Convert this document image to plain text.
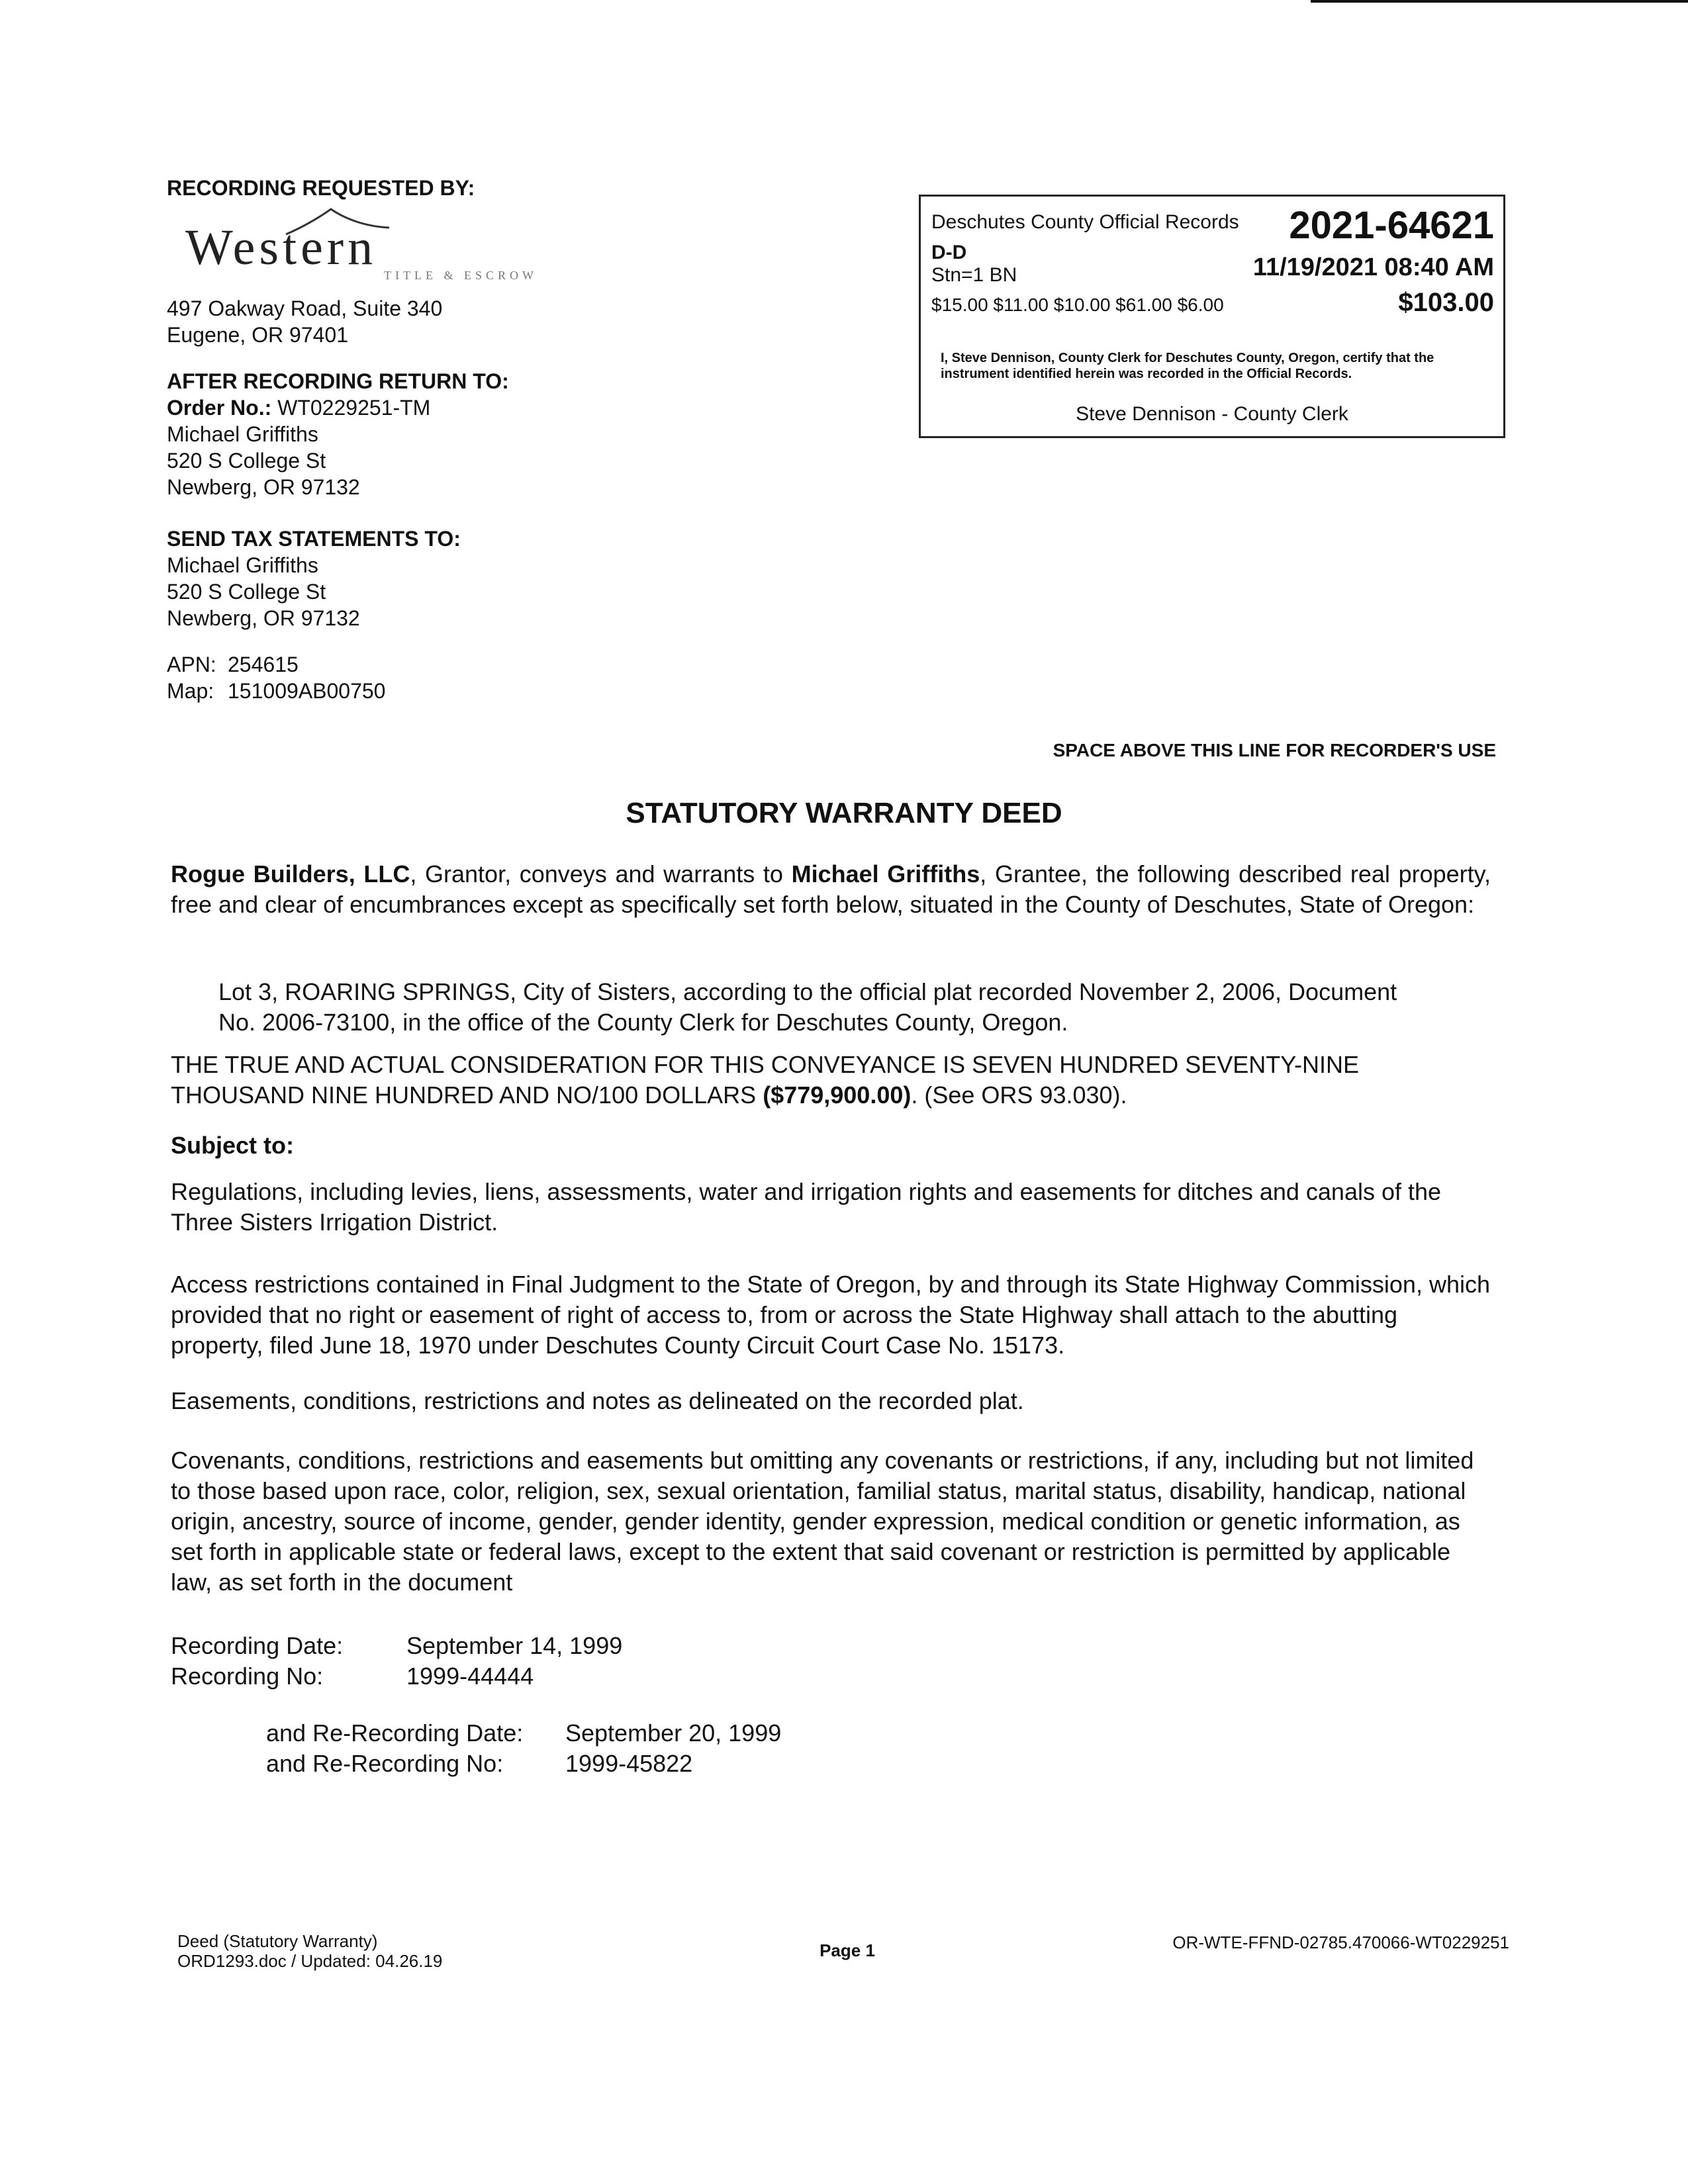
RECORDING REQUESTED BY:
Western TITLE & ESCROW
497 Oakway Road, Suite 340
Eugene, OR 97401
AFTER RECORDING RETURN TO:
Order No.: WT0229251-TM
Michael Griffiths
520 S College St
Newberg, OR 97132
SEND TAX STATEMENTS TO:
Michael Griffiths
520 S College St
Newberg, OR 97132
APN: 254615
Map: 151009AB00750
Deschutes County Official Records 2021-64621
D-D
Stn=1 BN	11/19/2021 08:40 AM
$15.00 $11.00 $10.00 $61.00 $6.00	$103.00
I, Steve Dennison, County Clerk for Deschutes County, Oregon, certify that the instrument identified herein was recorded in the Official Records.
Steve Dennison - County Clerk
SPACE ABOVE THIS LINE FOR RECORDER'S USE
STATUTORY WARRANTY DEED
Rogue Builders, LLC, Grantor, conveys and warrants to Michael Griffiths, Grantee, the following described real property, free and clear of encumbrances except as specifically set forth below, situated in the County of Deschutes, State of Oregon:
Lot 3, ROARING SPRINGS, City of Sisters, according to the official plat recorded November 2, 2006, Document No. 2006-73100, in the office of the County Clerk for Deschutes County, Oregon.
THE TRUE AND ACTUAL CONSIDERATION FOR THIS CONVEYANCE IS SEVEN HUNDRED SEVENTY-NINE THOUSAND NINE HUNDRED AND NO/100 DOLLARS ($779,900.00). (See ORS 93.030).
Subject to:
Regulations, including levies, liens, assessments, water and irrigation rights and easements for ditches and canals of the Three Sisters Irrigation District.
Access restrictions contained in Final Judgment to the State of Oregon, by and through its State Highway Commission, which provided that no right or easement of right of access to, from or across the State Highway shall attach to the abutting property, filed June 18, 1970 under Deschutes County Circuit Court Case No. 15173.
Easements, conditions, restrictions and notes as delineated on the recorded plat.
Covenants, conditions, restrictions and easements but omitting any covenants or restrictions, if any, including but not limited to those based upon race, color, religion, sex, sexual orientation, familial status, marital status, disability, handicap, national origin, ancestry, source of income, gender, gender identity, gender expression, medical condition or genetic information, as set forth in applicable state or federal laws, except to the extent that said covenant or restriction is permitted by applicable law, as set forth in the document
Recording Date:	September 14, 1999
Recording No:	1999-44444
and Re-Recording Date:	September 20, 1999
and Re-Recording No:	1999-45822
Deed (Statutory Warranty)
ORD1293.doc / Updated: 04.26.19
Page 1	OR-WTE-FFND-02785.470066-WT0229251
